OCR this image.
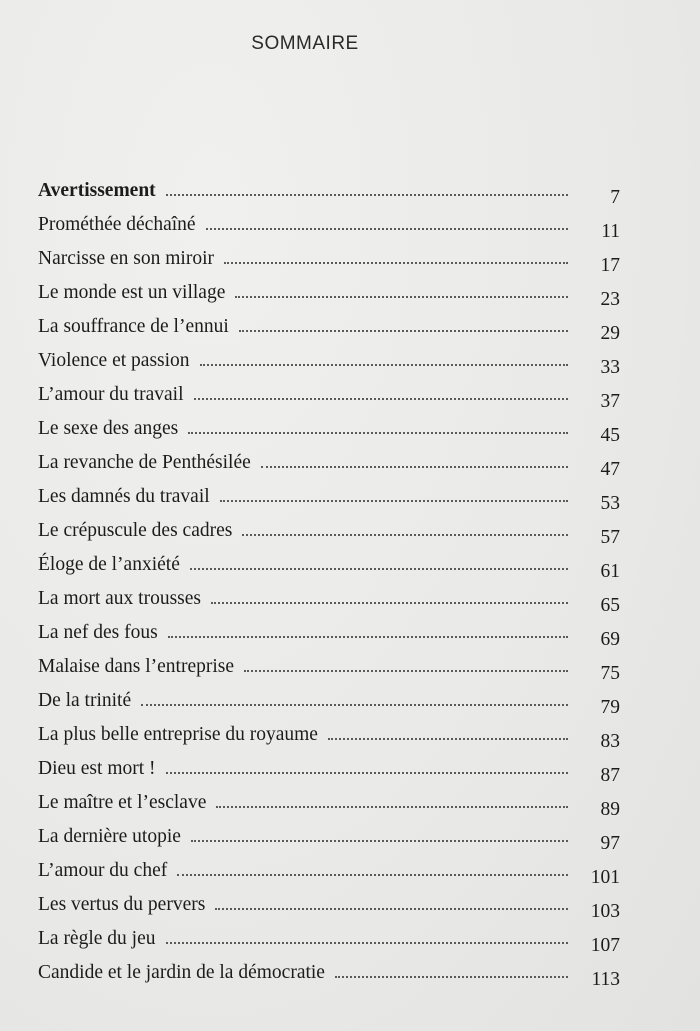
SOMMAIRE
Avertissement	7
Prométhée déchaîné	11
Narcisse en son miroir	17
Le monde est un village	23
La souffrance de l’ennui	29
Violence et passion	33
L’amour du travail	37
Le sexe des anges	45
La revanche de Penthésilée	47
Les damnés du travail	53
Le crépuscule des cadres	57
Éloge de l’anxiété	61
La mort aux trousses	65
La nef des fous	69
Malaise dans l’entreprise	75
De la trinité	79
La plus belle entreprise du royaume	83
Dieu est mort !	87
Le maître et l’esclave	89
La dernière utopie	97
L’amour du chef	101
Les vertus du pervers	103
La règle du jeu	107
Candide et le jardin de la démocratie	113
